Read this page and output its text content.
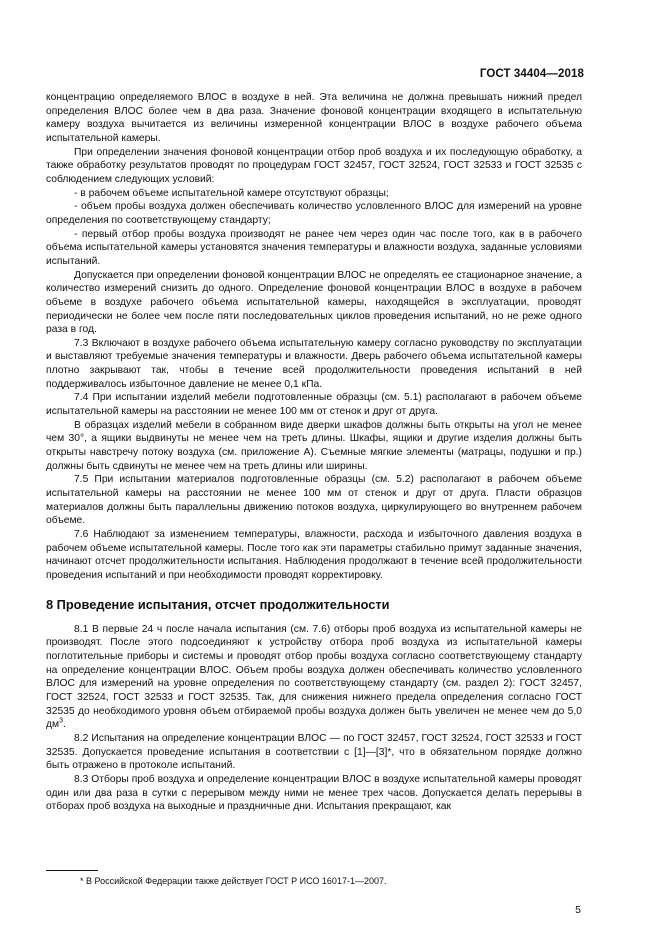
ГОСТ 34404—2018

концентрацию определяемого ВЛОС в воздухе в ней. Эта величина не должна превышать нижний предел определения ВЛОС более чем в два раза. Значение фоновой концентрации входящего в испытательную камеру воздуха вычитается из величины измеренной концентрации ВЛОС в воздухе рабочего объема испытательной камеры.

При определении значения фоновой концентрации отбор проб воздуха и их последующую обработку, а также обработку результатов проводят по процедурам ГОСТ 32457, ГОСТ 32524, ГОСТ 32533 и ГОСТ 32535 с соблюдением следующих условий:

- в рабочем объеме испытательной камере отсутствуют образцы;

- объем пробы воздуха должен обеспечивать количество условленного ВЛОС для измерений на уровне определения по соответствующему стандарту;

- первый отбор пробы воздуха производят не ранее чем через один час после того, как в в рабочего объема испытательной камеры установятся значения температуры и влажности воздуха, заданные условиями испытаний.

Допускается при определении фоновой концентрации ВЛОС не определять ее стационарное значение, а количество измерений снизить до одного. Определение фоновой концентрации ВЛОС в воздухе в рабочем объеме в воздухе рабочего объема испытательной камеры, находящейся в эксплуатации, проводят периодически не более чем после пяти последовательных циклов проведения испытаний, но не реже одного раза в год.

7.3 Включают в воздухе рабочего объема испытательную камеру согласно руководству по эксплуатации и выставляют требуемые значения температуры и влажности. Дверь рабочего объема испытательной камеры плотно закрывают так, чтобы в течение всей продолжительности проведения испытаний в ней поддерживалось избыточное давление не менее 0,1 кПа.

7.4 При испытании изделий мебели подготовленные образцы (см. 5.1) располагают в рабочем объеме испытательной камеры на расстоянии не менее 100 мм от стенок и друг от друга.

В образцах изделий мебели в собранном виде дверки шкафов должны быть открыты на угол не менее чем 30°, а ящики выдвинуты не менее чем на треть длины. Шкафы, ящики и другие изделия должны быть открыты навстречу потоку воздуха (см. приложение А). Съемные мягкие элементы (матрацы, подушки и пр.) должны быть сдвинуты не менее чем на треть длины или ширины.

7.5 При испытании материалов подготовленные образцы (см. 5.2) располагают в рабочем объеме испытательной камеры на расстоянии не менее 100 мм от стенок и друг от друга. Пласти образцов материалов должны быть параллельны движению потоков воздуха, циркулирующего во внутреннем рабочем объеме.

7.6 Наблюдают за изменением температуры, влажности, расхода и избыточного давления воздуха в рабочем объеме испытательной камеры. После того как эти параметры стабильно примут заданные значения, начинают отсчет продолжительности испытания. Наблюдения продолжают в течение всей продолжительности проведения испытаний и при необходимости проводят корректировку.

8 Проведение испытания, отсчет продолжительности

8.1 В первые 24 ч после начала испытания (см. 7.6) отборы проб воздуха из испытательной камеры не производят. После этого подсоединяют к устройству отбора проб воздуха из испытательной камеры поглотительные приборы и системы и проводят отбор пробы воздуха согласно соответствующему стандарту на определение концентрации ВЛОС. Объем пробы воздуха должен обеспечивать количество условленного ВЛОС для измерений на уровне определения по соответствующему стандарту (см. раздел 2): ГОСТ 32457, ГОСТ 32524, ГОСТ 32533 и ГОСТ 32535. Так, для снижения нижнего предела определения согласно ГОСТ 32535 до необходимого уровня объем отбираемой пробы воздуха должен быть увеличен не менее чем до 5,0 $дм^3$.

8.2 Испытания на определение концентрации ВЛОС — по ГОСТ 32457, ГОСТ 32524, ГОСТ 32533 и ГОСТ 32535. Допускается проведение испытания в соответствии с [1]—[3]*, что в обязательном порядке должно быть отражено в протоколе испытаний.

8.3 Отборы проб воздуха и определение концентрации ВЛОС в воздухе испытательной камеры проводят один или два раза в сутки с перерывом между ними не менее трех часов. Допускается делать перерывы в отборах проб воздуха на выходные и праздничные дни. Испытания прекращают, как

* В Российской Федерации также действует ГОСТ Р ИСО 16017-1—2007.
5
